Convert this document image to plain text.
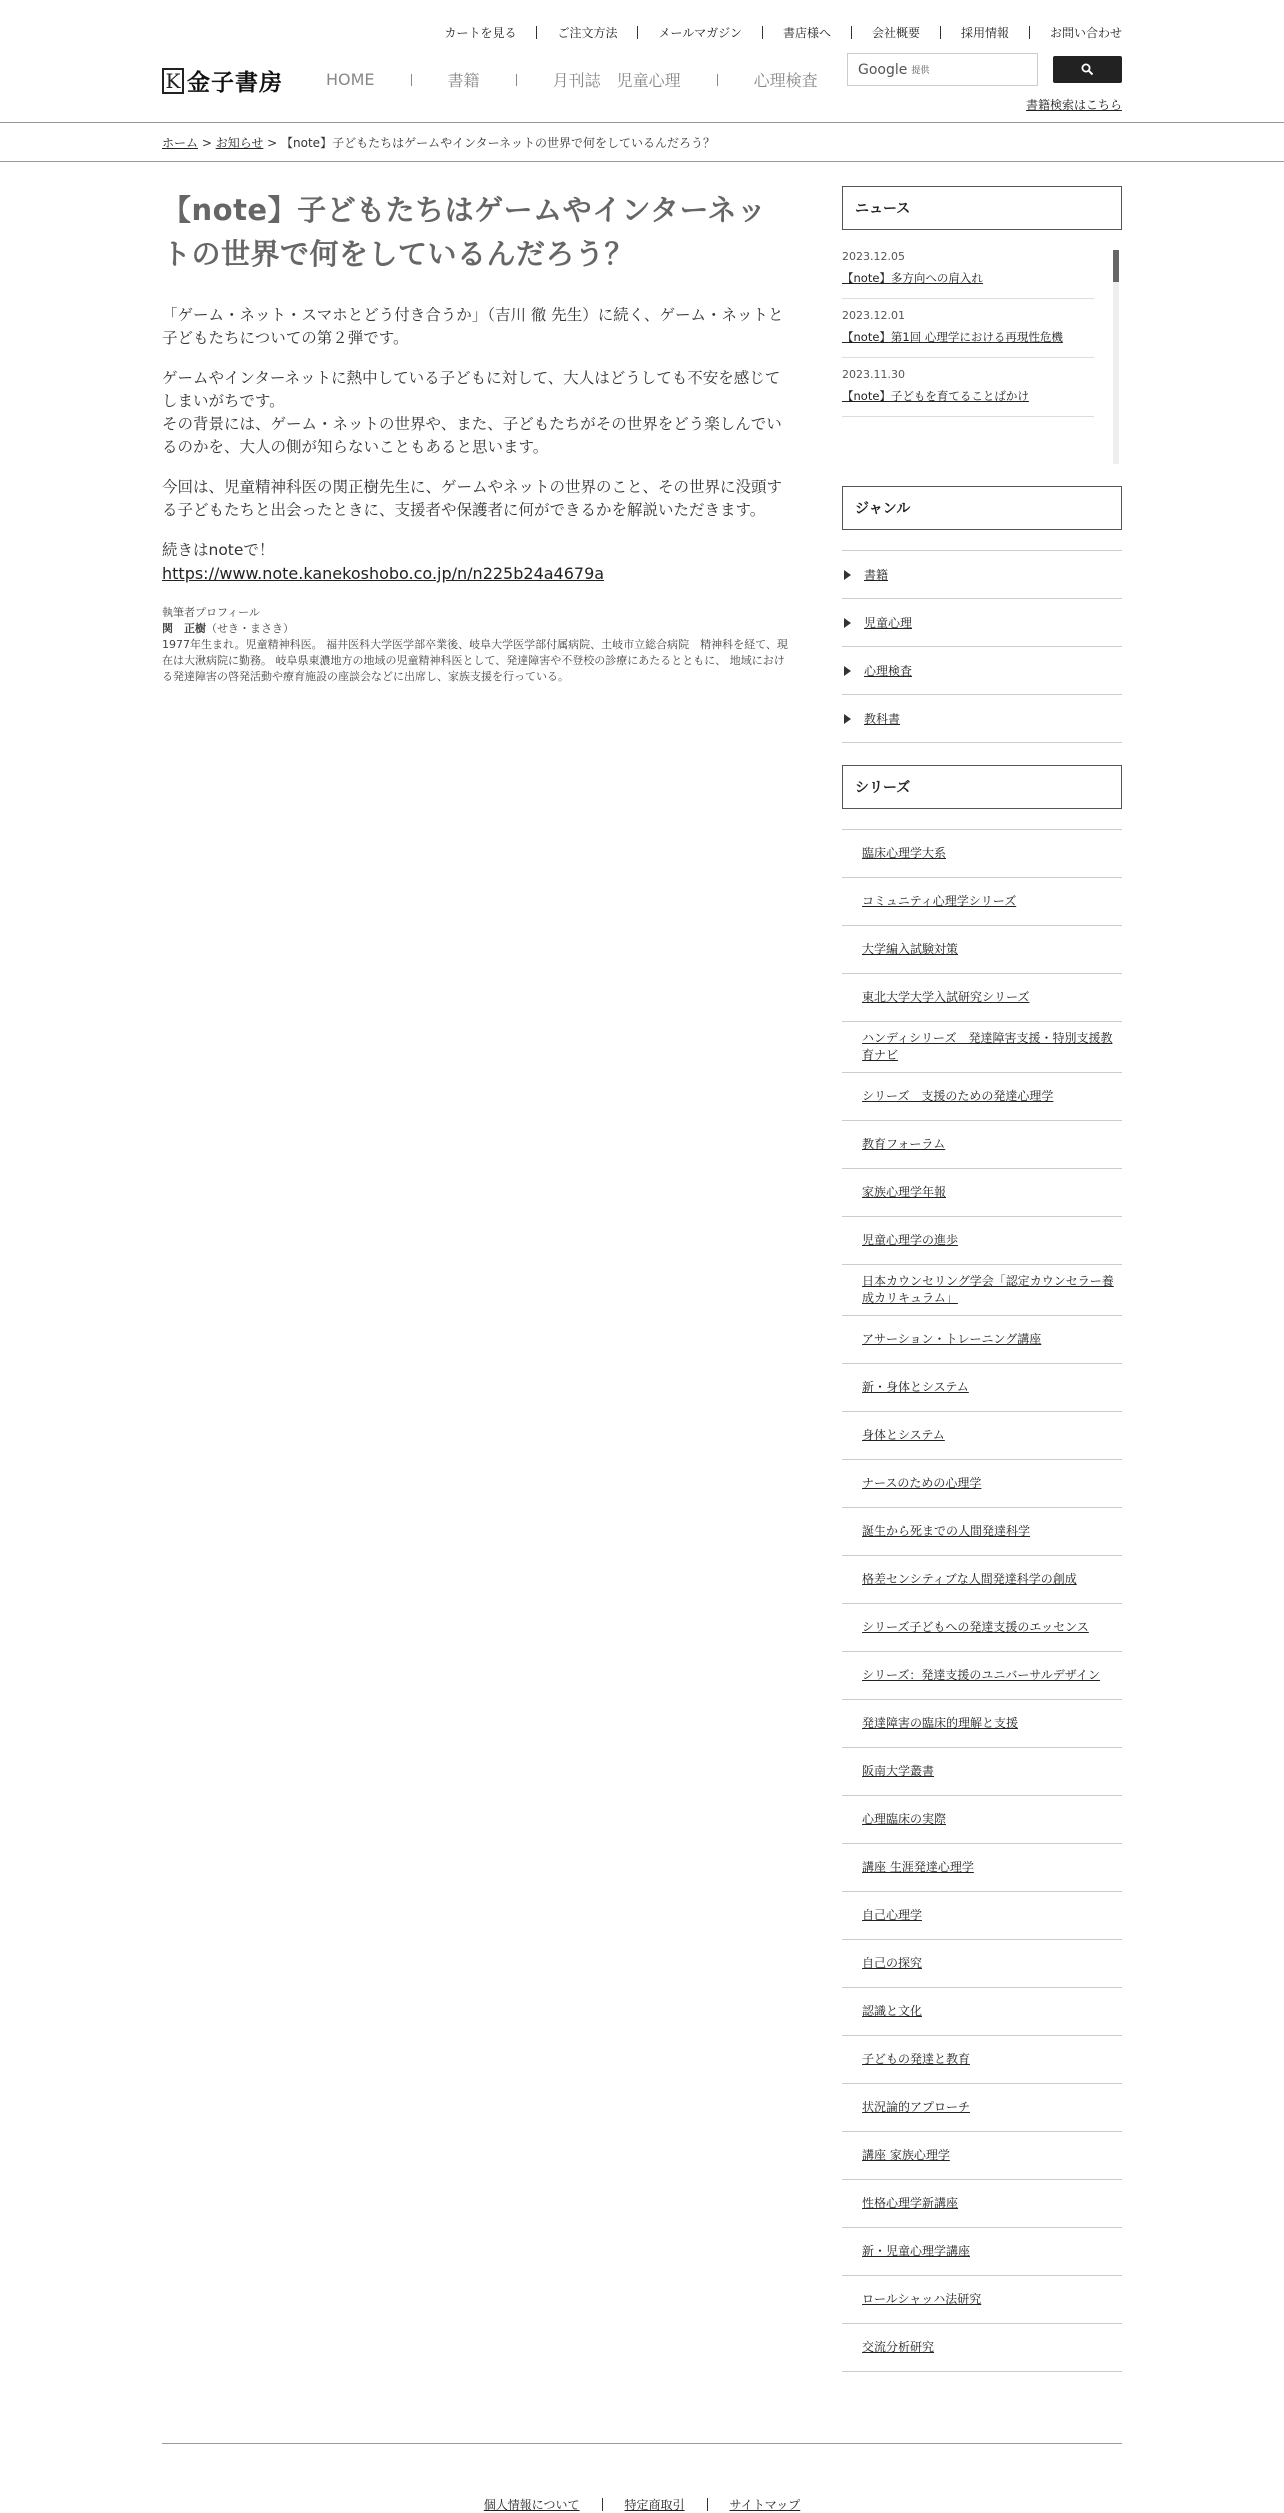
カートを見る	ご注文方法	メールマガジン	書店様へ	会社概要	採用情報	お問い合わせ
K 金子書房	HOME	書籍	月刊誌　児童心理	心理検査
Google 提供
書籍検索はこちら
ホーム > お知らせ > 【note】子どもたちはゲームやインターネットの世界で何をしているんだろう？
【note】子どもたちはゲームやインターネットの世界で何をしているんだろう？

「ゲーム・ネット・スマホとどう付き合うか」（吉川 徹 先生）に続く、ゲーム・ネットと子どもたちについての第２弾です。

ゲームやインターネットに熱中している子どもに対して、大人はどうしても不安を感じてしまいがちです。
その背景には、ゲーム・ネットの世界や、また、子どもたちがその世界をどう楽しんでいるのかを、大人の側が知らないこともあると思います。

今回は、児童精神科医の関正樹先生に、ゲームやネットの世界のこと、その世界に没頭する子どもたちと出会ったときに、支援者や保護者に何ができるかを解説いただきます。

続きはnoteで！
https://www.note.kanekoshobo.co.jp/n/n225b24a4679a

執筆者プロフィール
関　正樹（せき・まさき）
1977年生まれ。児童精神科医。 福井医科大学医学部卒業後、岐阜大学医学部付属病院、土岐市立総合病院　精神科を経て、現在は大湫病院に勤務。 岐阜県東濃地方の地域の児童精神科医として、発達障害や不登校の診療にあたるとともに、 地域における発達障害の啓発活動や療育施設の座談会などに出席し、家族支援を行っている。
ニュース
2023.12.05
【note】多方向への肩入れ
2023.12.01
【note】第1回 心理学における再現性危機
2023.11.30
【note】子どもを育てることばかけ
ジャンル
書籍
児童心理
心理検査
教科書
シリーズ
臨床心理学大系
コミュニティ心理学シリーズ
大学編入試験対策
東北大学大学入試研究シリーズ
ハンディシリーズ　発達障害支援・特別支援教育ナビ
シリーズ　支援のための発達心理学
教育フォーラム
家族心理学年報
児童心理学の進歩
日本カウンセリング学会「認定カウンセラー養成カリキュラム」
アサーション・トレーニング講座
新・身体とシステム
身体とシステム
ナースのための心理学
誕生から死までの人間発達科学
格差センシティブな人間発達科学の創成
シリーズ子どもへの発達支援のエッセンス
シリーズ：発達支援のユニバーサルデザイン
発達障害の臨床的理解と支援
阪南大学叢書
心理臨床の実際
講座 生涯発達心理学
自己心理学
自己の探究
認識と文化
子どもの発達と教育
状況論的アプローチ
講座 家族心理学
性格心理学新講座
新・児童心理学講座
ロールシャッハ法研究
交流分析研究
個人情報について	特定商取引	サイトマップ
